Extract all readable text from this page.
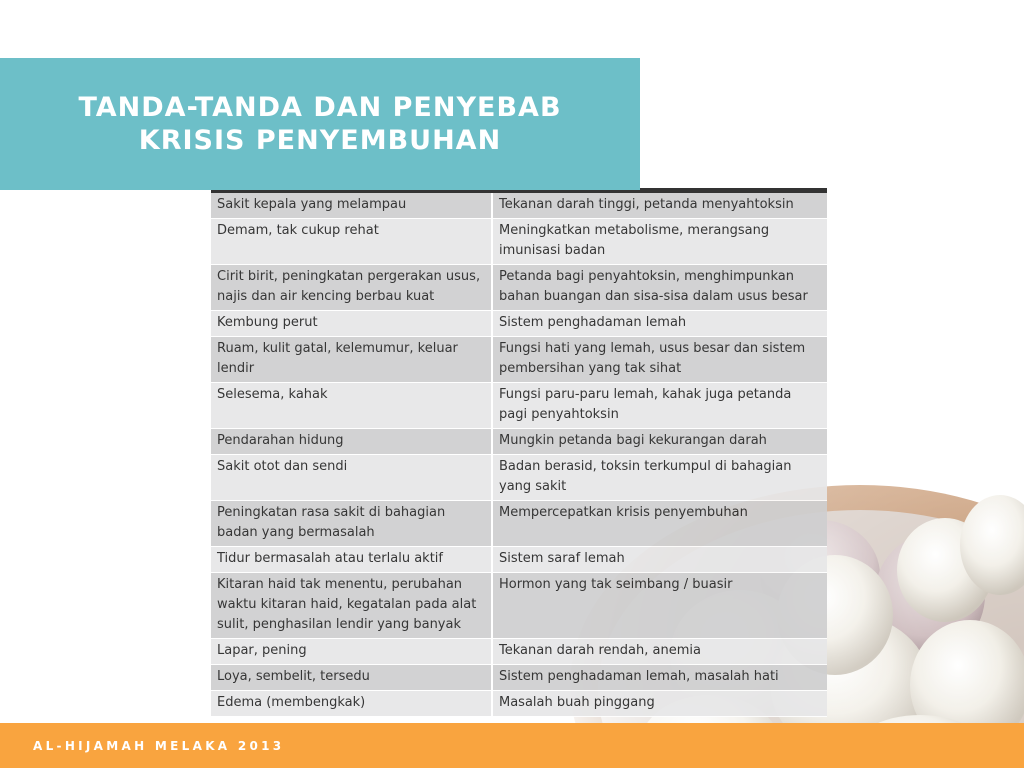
TANDA-TANDA DAN PENYEBAB
KRISIS PENYEMBUHAN
AL-HIJAMAH MELAKA 2013
Sakit kepala yang melampau	Tekanan darah tinggi, petanda menyahtoksin
Demam, tak cukup rehat	Meningkatkan metabolisme, merangsang imunisasi badan
Cirit birit, peningkatan pergerakan usus, najis dan air kencing berbau kuat	Petanda bagi penyahtoksin, menghimpunkan bahan buangan dan sisa-sisa dalam usus besar
Kembung perut	Sistem penghadaman lemah
Ruam, kulit gatal, kelemumur, keluar lendir	Fungsi hati yang lemah, usus besar dan sistem pembersihan yang tak sihat
Selesema, kahak	Fungsi paru-paru lemah, kahak juga petanda pagi penyahtoksin
Pendarahan hidung	Mungkin petanda bagi kekurangan darah
Sakit otot dan sendi	Badan berasid, toksin terkumpul di bahagian yang sakit
Peningkatan rasa sakit di bahagian badan yang bermasalah	Mempercepatkan krisis penyembuhan
Tidur bermasalah atau terlalu aktif	Sistem saraf lemah
Kitaran haid tak menentu, perubahan waktu kitaran haid, kegatalan pada alat sulit, penghasilan lendir yang banyak	Hormon yang tak seimbang / buasir
Lapar, pening	Tekanan darah rendah, anemia
Loya, sembelit, tersedu	Sistem penghadaman lemah, masalah hati
Edema (membengkak)	Masalah buah pinggang
